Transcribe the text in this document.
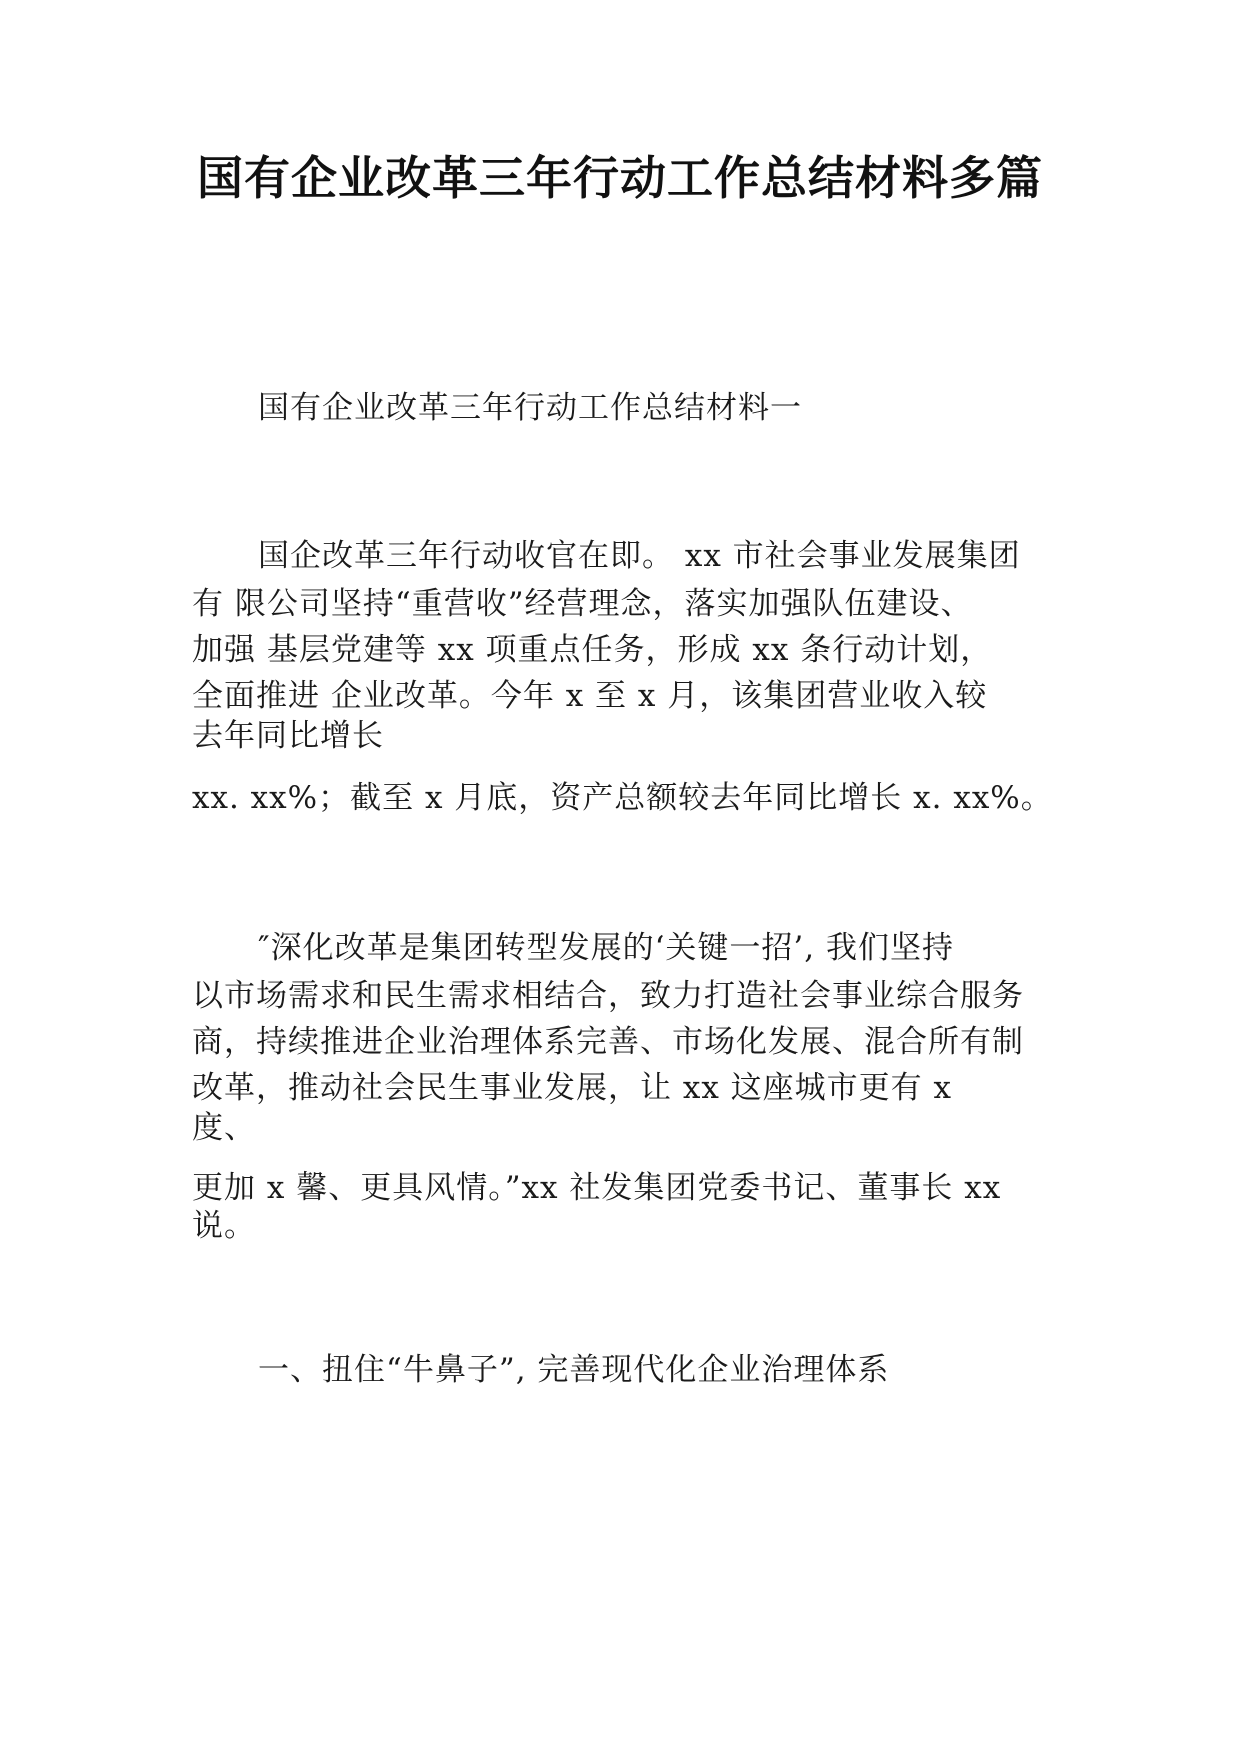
国有企业改革三年行动工作总结材料多篇
国有企业改革三年行动工作总结材料一
国企改革三年行动收官在即。 xx 市社会事业发展集团
有 限公司坚持“重营收”经营理念，落实加强队伍建设、
加强 基层党建等 xx 项重点任务，形成 xx 条行动计划，
全面推进 企业改革。今年 x 至 x 月，该集团营业收入较
去年同比增长
xx. xx%；截至 x 月底，资产总额较去年同比增长 x. xx%。
″深化改革是集团转型发展的‘关键一招’, 我们坚持
以市场需求和民生需求相结合，致力打造社会事业综合服务
商，持续推进企业治理体系完善、市场化发展、混合所有制
改革，推动社会民生事业发展，让 xx 这座城市更有 x
度、
更加 x 馨、更具风情。”xx 社发集团党委书记、董事长 xx
说。
一、扭住“牛鼻子”, 完善现代化企业治理体系
